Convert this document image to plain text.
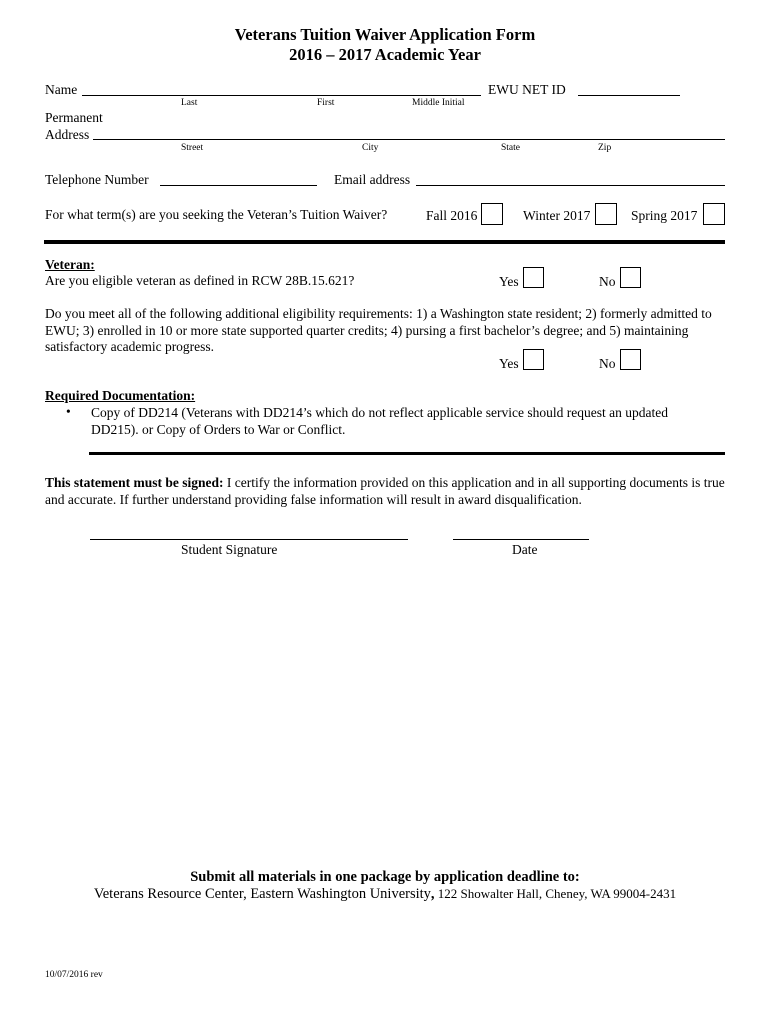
Veterans Tuition Waiver Application Form
2016 – 2017 Academic Year
Name	EWU NET ID
Last	First	Middle Initial
Permanent
Address
Street	City	State	Zip
Telephone Number	Email address
For what term(s) are you seeking the Veteran’s Tuition Waiver?	Fall 2016	Winter 2017	Spring 2017
Veteran:
Are you eligible veteran as defined in RCW 28B.15.621?	Yes	No
Do you meet all of the following additional eligibility requirements: 1) a Washington state resident; 2) formerly admitted to EWU; 3) enrolled in 10 or more state supported quarter credits; 4) pursing a first bachelor’s degree; and 5) maintaining satisfactory academic progress.
Yes	No
Required Documentation:
• Copy of DD214 (Veterans with DD214’s which do not reflect applicable service should request an updated
DD215). or Copy of Orders to War or Conflict.
This statement must be signed: I certify the information provided on this application and in all supporting documents is true and accurate. If further understand providing false information will result in award disqualification.
Student Signature	Date
Submit all materials in one package by application deadline to:
Veterans Resource Center, Eastern Washington University, 122 Showalter Hall, Cheney, WA 99004-2431
10/07/2016 rev
